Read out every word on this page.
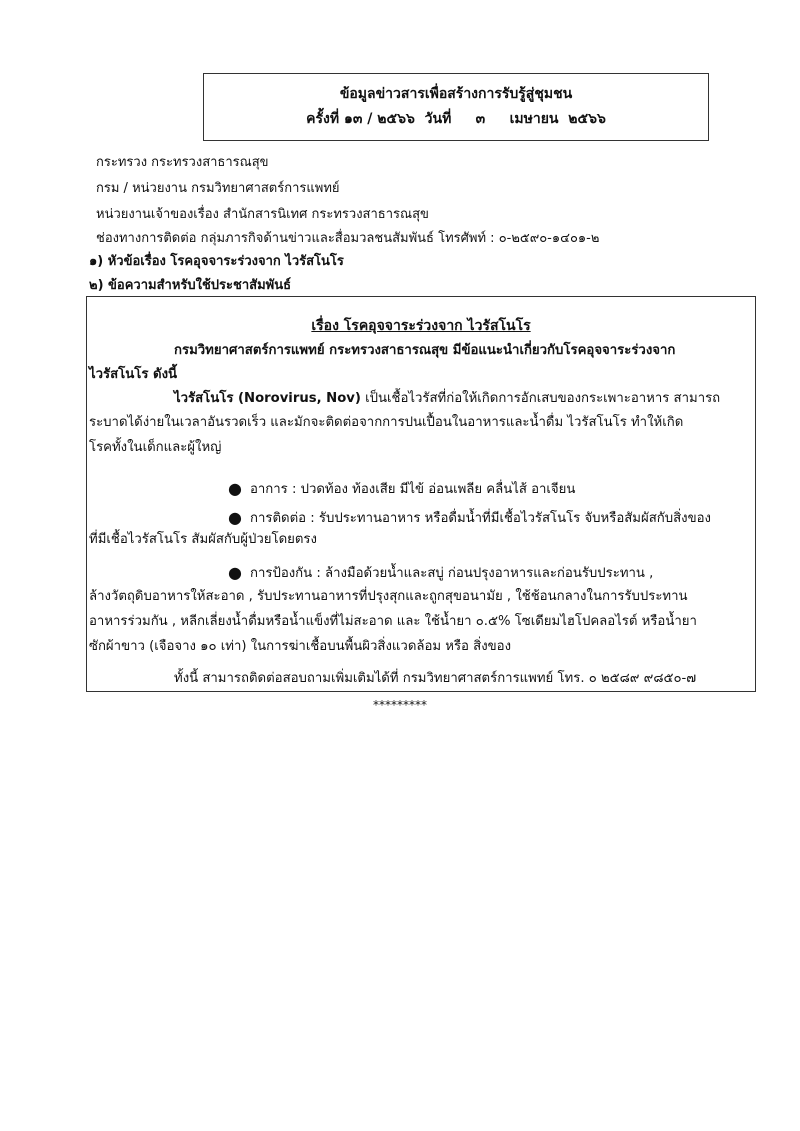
ข้อมูลข่าวสารเพื่อสร้างการรับรู้สู่ชุมชน
ครั้งที่ ๑๓ / ๒๕๖๖  วันที่     ๓     เมษายน  ๒๕๖๖
กระทรวง กระทรวงสาธารณสุข
กรม / หน่วยงาน กรมวิทยาศาสตร์การแพทย์
หน่วยงานเจ้าของเรื่อง สำนักสารนิเทศ กระทรวงสาธารณสุข
ช่องทางการติดต่อ กลุ่มภารกิจด้านข่าวและสื่อมวลชนสัมพันธ์ โทรศัพท์ : ๐-๒๕๙๐-๑๔๐๑-๒
๑) หัวข้อเรื่อง โรคอุจจาระร่วงจาก ไวรัสโนโร
๒) ข้อความสำหรับใช้ประชาสัมพันธ์
เรื่อง โรคอุจจาระร่วงจาก ไวรัสโนโร
กรมวิทยาศาสตร์การแพทย์ กระทรวงสาธารณสุข มีข้อแนะนำเกี่ยวกับโรคอุจจาระร่วงจาก
ไวรัสโนโร ดังนี้
ไวรัสโนโร (Norovirus, Nov) เป็นเชื้อไวรัสที่ก่อให้เกิดการอักเสบของกระเพาะอาหาร สามารถ
ระบาดได้ง่ายในเวลาอันรวดเร็ว และมักจะติดต่อจากการปนเปื้อนในอาหารและน้ำดื่ม ไวรัสโนโร ทำให้เกิด
โรคทั้งในเด็กและผู้ใหญ่
● อาการ : ปวดท้อง ท้องเสีย มีไข้ อ่อนเพลีย คลื่นไส้ อาเจียน
● การติดต่อ : รับประทานอาหาร หรือดื่มน้ำที่มีเชื้อไวรัสโนโร จับหรือสัมผัสกับสิ่งของ
ที่มีเชื้อไวรัสโนโร สัมผัสกับผู้ป่วยโดยตรง
● การป้องกัน : ล้างมือด้วยน้ำและสบู่ ก่อนปรุงอาหารและก่อนรับประทาน ,
ล้างวัตถุดิบอาหารให้สะอาด , รับประทานอาหารที่ปรุงสุกและถูกสุขอนามัย , ใช้ช้อนกลางในการรับประทาน
อาหารร่วมกัน , หลีกเลี่ยงน้ำดื่มหรือน้ำแข็งที่ไม่สะอาด และ ใช้น้ำยา ๐.๕% โซเดียมไฮโปคลอไรต์ หรือน้ำยา
ซักผ้าขาว (เจือจาง ๑๐ เท่า) ในการฆ่าเชื้อบนพื้นผิวสิ่งแวดล้อม หรือ สิ่งของ
ทั้งนี้ สามารถติดต่อสอบถามเพิ่มเติมได้ที่ กรมวิทยาศาสตร์การแพทย์ โทร. ๐ ๒๕๘๙ ๙๘๕๐-๗
*********
